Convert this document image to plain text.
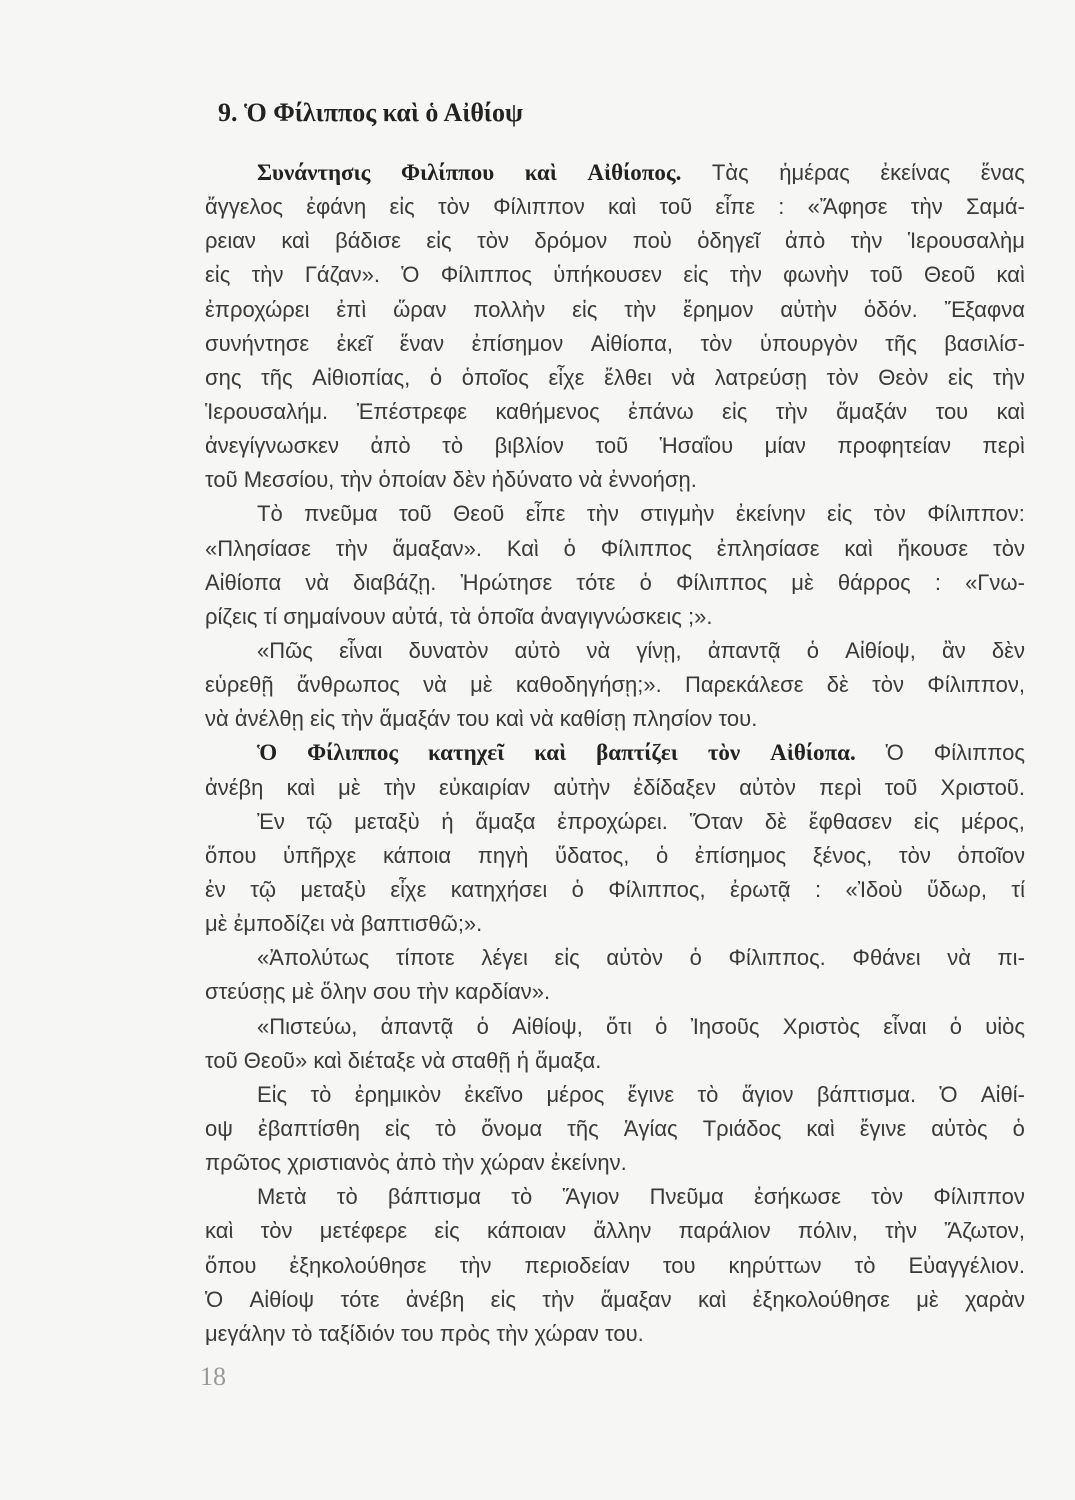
9. Ὁ Φίλιππος καὶ ὁ Αἰθίοψ
Συνάντησις Φιλίππου καὶ Αἰθίοπος. Τὰς ἡμέρας ἐκείνας ἕνας
ἄγγελος ἐφάνη εἰς τὸν Φίλιππον καὶ τοῦ εἶπε : «Ἄφησε τὴν Σαμά-
ρειαν καὶ βάδισε εἰς τὸν δρόμον ποὺ ὁδηγεῖ ἀπὸ τὴν Ἱερουσαλὴμ
εἰς τὴν Γάζαν». Ὁ Φίλιππος ὑπήκουσεν εἰς τὴν φωνὴν τοῦ Θεοῦ καὶ
ἐπροχώρει ἐπὶ ὥραν πολλὴν εἰς τὴν ἔρημον αὐτὴν ὁδόν. Ἔξαφνα
συνήντησε ἐκεῖ ἕναν ἐπίσημον Αἰθίοπα, τὸν ὑπουργὸν τῆς βασιλίσ-
σης τῆς Αἰθιοπίας, ὁ ὁποῖος εἶχε ἔλθει νὰ λατρεύσῃ τὸν Θεὸν εἰς τὴν
Ἱερουσαλήμ. Ἐπέστρεφε καθήμενος ἐπάνω εἰς τὴν ἅμαξάν του καὶ
ἀνεγίγνωσκεν ἀπὸ τὸ βιβλίον τοῦ Ἡσαΐου μίαν προφητείαν περὶ
τοῦ
Μεσσίου,
τὴν
ὁποίαν
δὲν
ἠδύνατο
νὰ
ἐννοήσῃ.

Τὸ πνεῦμα τοῦ Θεοῦ εἶπε τὴν στιγμὴν ἐκείνην εἰς τὸν Φίλιππον:
«Πλησίασε τὴν ἅμαξαν». Καὶ ὁ Φίλιππος ἐπλησίασε καὶ ἤκουσε τὸν
Αἰθίοπα νὰ διαβάζῃ. Ἠρώτησε τότε ὁ Φίλιππος μὲ θάρρος : «Γνω-
ρίζεις
τί
σημαίνουν
αὐτά,
τὰ
ὁποῖα
ἀναγιγνώσκεις
;».

«Πῶς εἶναι δυνατὸν αὐτὸ νὰ γίνῃ, ἀπαντᾷ ὁ Αἰθίοψ, ἂν δὲν
εὑρεθῇ ἄνθρωπος νὰ μὲ καθοδηγήσῃ;». Παρεκάλεσε δὲ τὸν Φίλιππον,
νὰ
ἀνέλθῃ
εἰς
τὴν
ἅμαξάν
του
καὶ
νὰ
καθίσῃ
πλησίον
του.

Ὁ Φίλιππος κατηχεῖ καὶ βαπτίζει τὸν Αἰθίοπα. Ὁ Φίλιππος
ἀνέβη καὶ μὲ τὴν εὐκαιρίαν αὐτὴν ἐδίδαξεν αὐτὸν περὶ τοῦ Χριστοῦ.
Ἐν τῷ μεταξὺ ἡ ἅμαξα ἐπροχώρει. Ὅταν δὲ ἔφθασεν εἰς μέρος,
ὅπου ὑπῆρχε κάποια πηγὴ ὕδατος, ὁ ἐπίσημος ξένος, τὸν ὁποῖον
ἐν τῷ μεταξὺ εἶχε κατηχήσει ὁ Φίλιππος, ἐρωτᾷ : «Ἰδοὺ ὕδωρ, τί
μὲ
ἐμποδίζει
νὰ
βαπτισθῶ;».

«Ἀπολύτως τίποτε λέγει εἰς αὐτὸν ὁ Φίλιππος. Φθάνει νὰ πι-
στεύσῃς
μὲ
ὅλην
σου
τὴν
καρδίαν».

«Πιστεύω, ἀπαντᾷ ὁ Αἰθίοψ, ὅτι ὁ Ἰησοῦς Χριστὸς εἶναι ὁ υἱὸς
τοῦ
Θεοῦ»
καὶ
διέταξε
νὰ
σταθῇ
ἡ
ἅμαξα.

Εἰς τὸ ἐρημικὸν ἐκεῖνο μέρος ἔγινε τὸ ἅγιον βάπτισμα. Ὁ Αἰθί-
οψ ἐβαπτίσθη εἰς τὸ ὄνομα τῆς Ἁγίας Τριάδος καὶ ἔγινε αὐτὸς ὁ
πρῶτος
χριστιανὸς
ἀπὸ
τὴν
χώραν
ἐκείνην.

Μετὰ τὸ βάπτισμα τὸ Ἅγιον Πνεῦμα ἐσήκωσε τὸν Φίλιππον
καὶ τὸν μετέφερε εἰς κάποιαν ἄλλην παράλιον πόλιν, τὴν Ἄζωτον,
ὅπου ἐξηκολούθησε τὴν περιοδείαν του κηρύττων τὸ Εὐαγγέλιον.
Ὁ Αἰθίοψ τότε ἀνέβη εἰς τὴν ἅμαξαν καὶ ἐξηκολούθησε μὲ χαρὰν
μεγάλην
τὸ
ταξίδιόν
του
πρὸς
τὴν
χώραν
του.

18
